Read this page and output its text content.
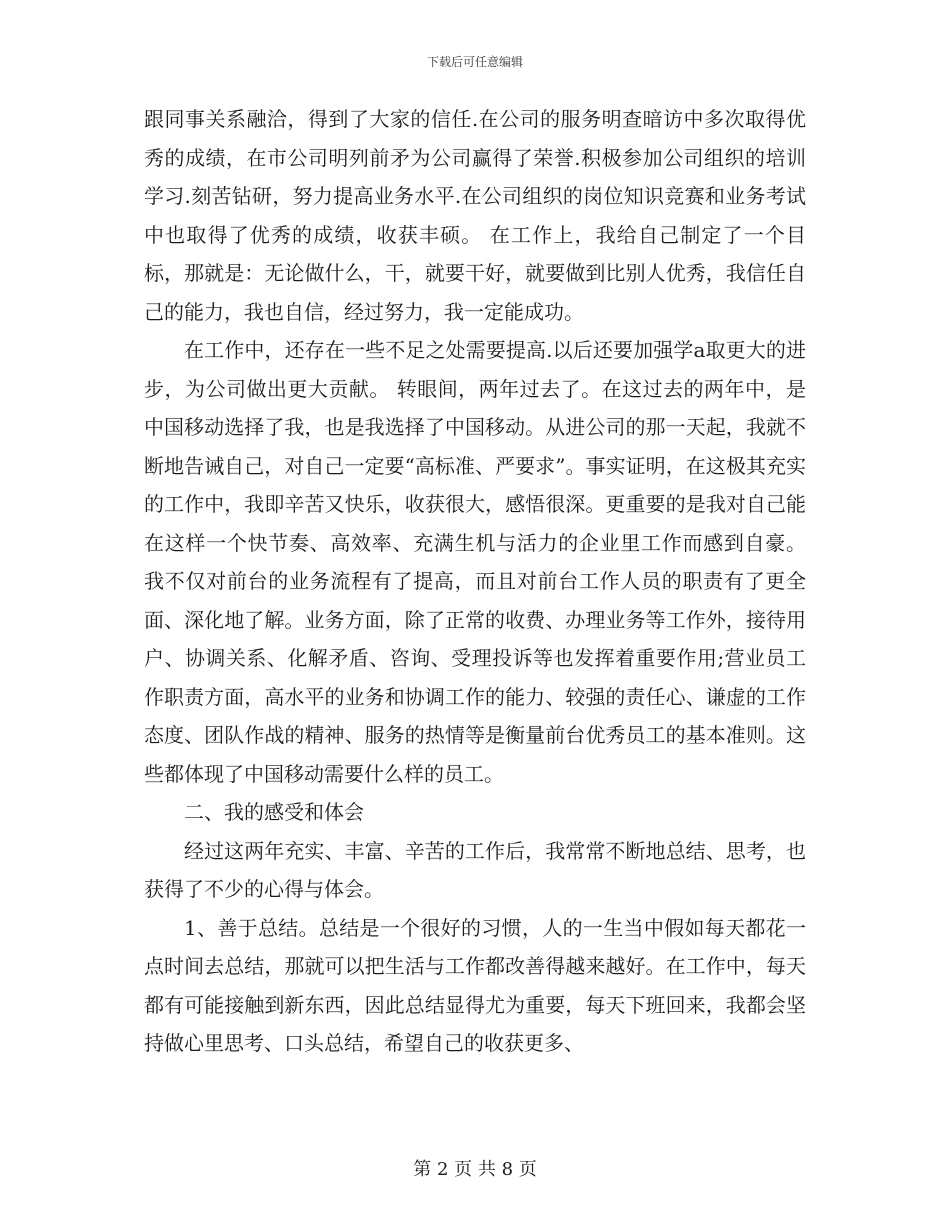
下载后可任意编辑

跟同事关系融洽，得到了大家的信任.在公司的服务明查暗访中多次取得优秀的成绩，在市公司明列前矛为公司赢得了荣誉.积极参加公司组织的培训学习.刻苦钻研，努力提高业务水平.在公司组织的岗位知识竞赛和业务考试中也取得了优秀的成绩，收获丰硕。 在工作上，我给自己制定了一个目标，那就是：无论做什么，干，就要干好，就要做到比别人优秀，我信任自己的能力，我也自信，经过努力，我一定能成功。

在工作中，还存在一些不足之处需要提高.以后还要加强学a取更大的进步，为公司做出更大贡献。 转眼间，两年过去了。在这过去的两年中，是中国移动选择了我，也是我选择了中国移动。从进公司的那一天起，我就不断地告诫自己，对自己一定要“高标准、严要求”。事实证明，在这极其充实的工作中，我即辛苦又快乐，收获很大，感悟很深。更重要的是我对自己能在这样一个快节奏、高效率、充满生机与活力的企业里工作而感到自豪。 我不仅对前台的业务流程有了提高，而且对前台工作人员的职责有了更全面、深化地了解。业务方面，除了正常的收费、办理业务等工作外，接待用户、协调关系、化解矛盾、咨询、受理投诉等也发挥着重要作用;营业员工作职责方面，高水平的业务和协调工作的能力、较强的责任心、谦虚的工作态度、团队作战的精神、服务的热情等是衡量前台优秀员工的基本准则。这些都体现了中国移动需要什么样的员工。

二、我的感受和体会

经过这两年充实、丰富、辛苦的工作后，我常常不断地总结、思考，也获得了不少的心得与体会。

1、善于总结。总结是一个很好的习惯，人的一生当中假如每天都花一点时间去总结，那就可以把生活与工作都改善得越来越好。在工作中，每天都有可能接触到新东西，因此总结显得尤为重要，每天下班回来，我都会坚持做心里思考、口头总结，希望自己的收获更多、

第 2 页 共 8 页
